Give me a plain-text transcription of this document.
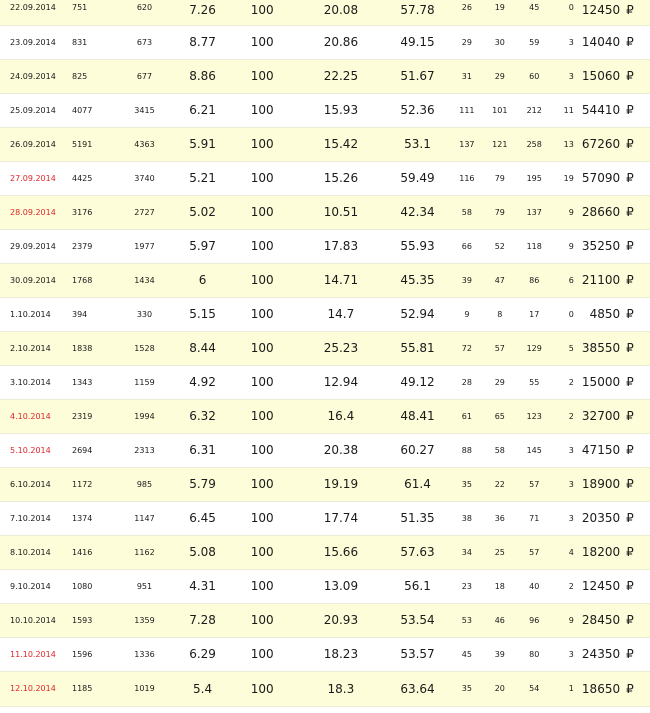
22.09.2014	751	620	7.26	100	20.08	57.78	26	19	45	0	12450	₽
23.09.2014	831	673	8.77	100	20.86	49.15	29	30	59	3	14040	₽
24.09.2014	825	677	8.86	100	22.25	51.67	31	29	60	3	15060	₽
25.09.2014	4077	3415	6.21	100	15.93	52.36	111	101	212	11	54410	₽
26.09.2014	5191	4363	5.91	100	15.42	53.1	137	121	258	13	67260	₽
27.09.2014	4425	3740	5.21	100	15.26	59.49	116	79	195	19	57090	₽
28.09.2014	3176	2727	5.02	100	10.51	42.34	58	79	137	9	28660	₽
29.09.2014	2379	1977	5.97	100	17.83	55.93	66	52	118	9	35250	₽
30.09.2014	1768	1434	6	100	14.71	45.35	39	47	86	6	21100	₽
1.10.2014	394	330	5.15	100	14.7	52.94	9	8	17	0	4850	₽
2.10.2014	1838	1528	8.44	100	25.23	55.81	72	57	129	5	38550	₽
3.10.2014	1343	1159	4.92	100	12.94	49.12	28	29	55	2	15000	₽
4.10.2014	2319	1994	6.32	100	16.4	48.41	61	65	123	2	32700	₽
5.10.2014	2694	2313	6.31	100	20.38	60.27	88	58	145	3	47150	₽
6.10.2014	1172	985	5.79	100	19.19	61.4	35	22	57	3	18900	₽
7.10.2014	1374	1147	6.45	100	17.74	51.35	38	36	71	3	20350	₽
8.10.2014	1416	1162	5.08	100	15.66	57.63	34	25	57	4	18200	₽
9.10.2014	1080	951	4.31	100	13.09	56.1	23	18	40	2	12450	₽
10.10.2014	1593	1359	7.28	100	20.93	53.54	53	46	96	9	28450	₽
11.10.2014	1596	1336	6.29	100	18.23	53.57	45	39	80	3	24350	₽
12.10.2014	1185	1019	5.4	100	18.3	63.64	35	20	54	1	18650	₽
